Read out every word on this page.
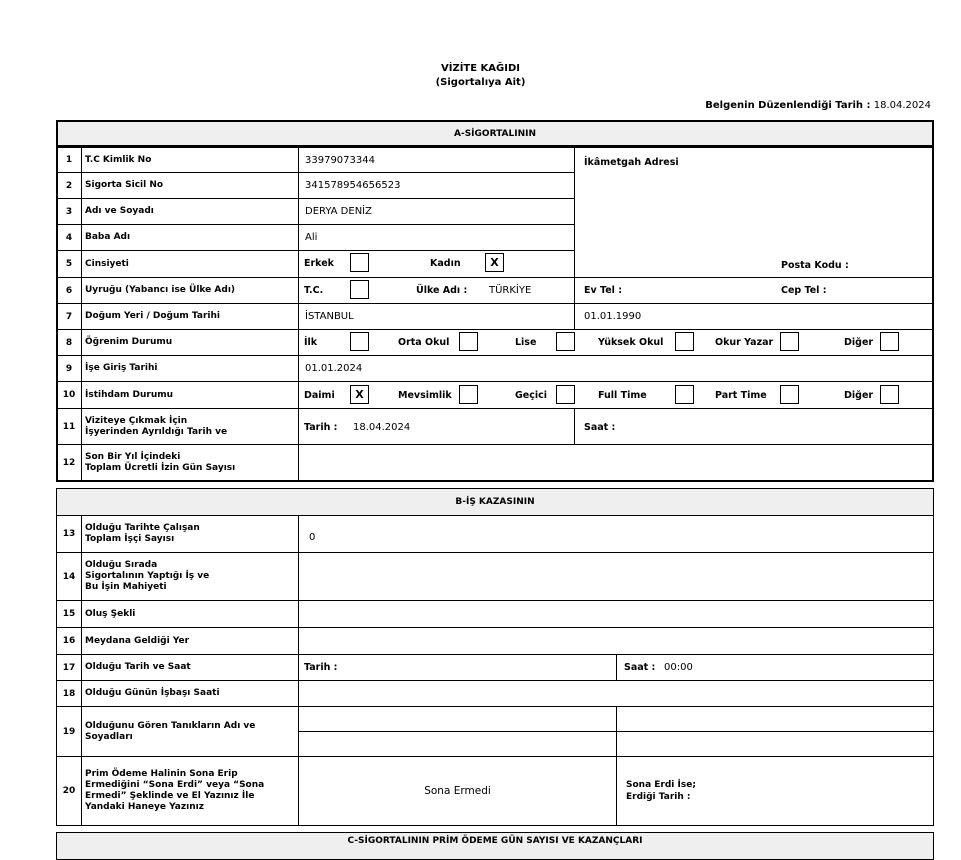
VİZİTE KAĞIDI
(Sigortalıya Ait)
Belgenin Düzenlendiği Tarih : 18.04.2024
A-SİGORTALININ
1	T.C Kimlik No	33979073344
2	Sigorta Sicil No	341578954656523
3	Adı ve Soyadı	DERYA DENİZ
4	Baba Adı	Ali
5	Cinsiyeti	Erkek	Kadın	X
6	Uyruğu (Yabancı ise Ülke Adı)	T.C.	Ülke Adı : TÜRKİYE
İkâmetgah Adresi
Posta Kodu :
Ev Tel :	Cep Tel :
7	Doğum Yeri / Doğum Tarihi	İSTANBUL	01.01.1990
8	Öğrenim Durumu	İlk	Orta Okul	Lise	Yüksek Okul	Okur Yazar	Diğer
9	İşe Giriş Tarihi	01.01.2024
10	İstihdam Durumu	Daimi	X	Mevsimlik	Geçici	Full Time	Part Time	Diğer
11
Viziteye Çıkmak İçin
İşyerinden Ayrıldığı Tarih ve	Tarih : 18.04.2024	Saat :
12
Son Bir Yıl İçindeki
Toplam Ücretli İzin Gün Sayısı
B-İŞ KAZASININ
13
Olduğu Tarihte Çalışan
Toplam İşçi Sayısı	0
14
Olduğu Sırada
Sigortalının Yaptığı İş ve
Bu İşin Mahiyeti
15	Oluş Şekli
16	Meydana Geldiği Yer
17	Olduğu Tarih ve Saat	Tarih :	Saat : 00:00
18	Olduğu Günün İşbaşı Saati
19
Olduğunu Gören Tanıkların Adı ve
Soyadları
20
Prim Ödeme Halinin Sona Erip
Ermediğini “Sona Erdi” veya “Sona
Ermedi” Şeklinde ve El Yazınız İle
Yandaki Haneye Yazınız
Sona Ermedi	Sona Erdi İse;
Erdiği Tarih :
C-SİGORTALININ PRİM ÖDEME GÜN SAYISI VE KAZANÇLARI
